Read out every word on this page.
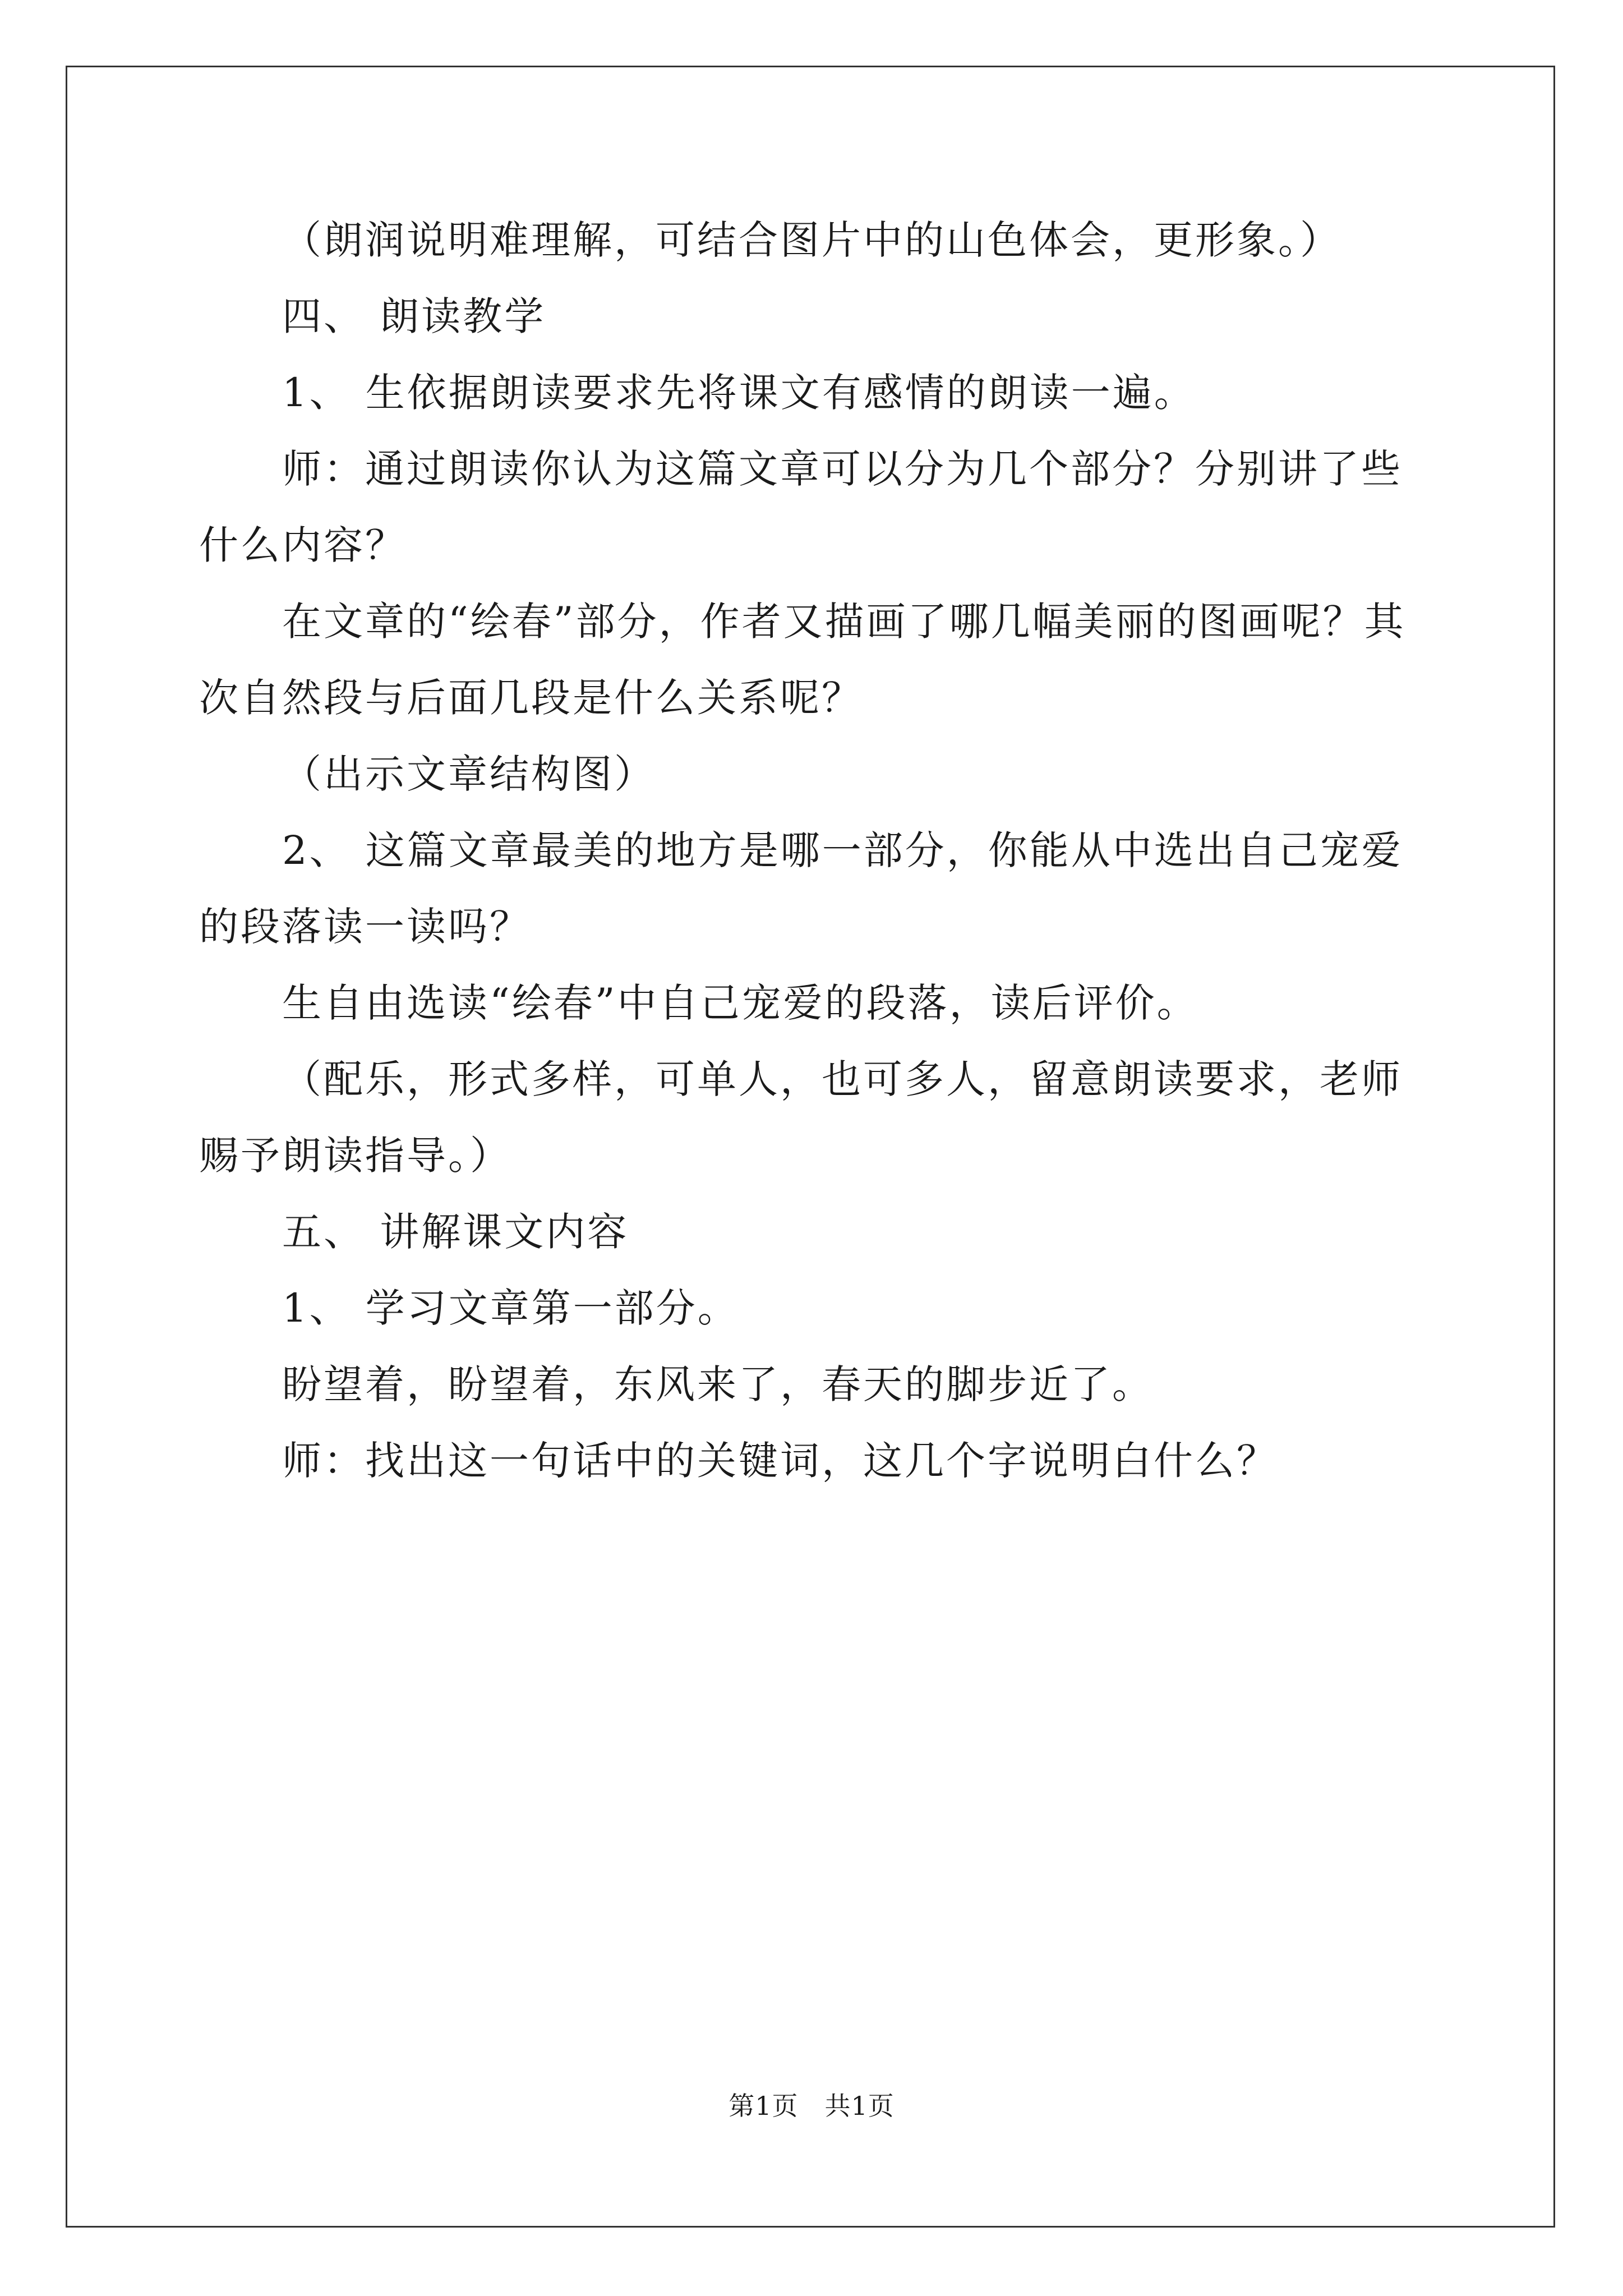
（朗润说明难理解，可结合图片中的山色体会，更形象。）

四、 朗读教学

1、 生依据朗读要求先将课文有感情的朗读一遍。

师：通过朗读你认为这篇文章可以分为几个部分？分别讲了些什么内容？

在文章的“绘春”部分，作者又描画了哪几幅美丽的图画呢？其次自然段与后面几段是什么关系呢？

（出示文章结构图）

2、 这篇文章最美的地方是哪一部分，你能从中选出自己宠爱的段落读一读吗？

生自由选读“绘春”中自己宠爱的段落，读后评价。

（配乐，形式多样，可单人，也可多人，留意朗读要求，老师赐予朗读指导。）

五、 讲解课文内容

1、 学习文章第一部分。

盼望着，盼望着，东风来了，春天的脚步近了。

师：找出这一句话中的关键词，这几个字说明白什么？

第1页　共1页
